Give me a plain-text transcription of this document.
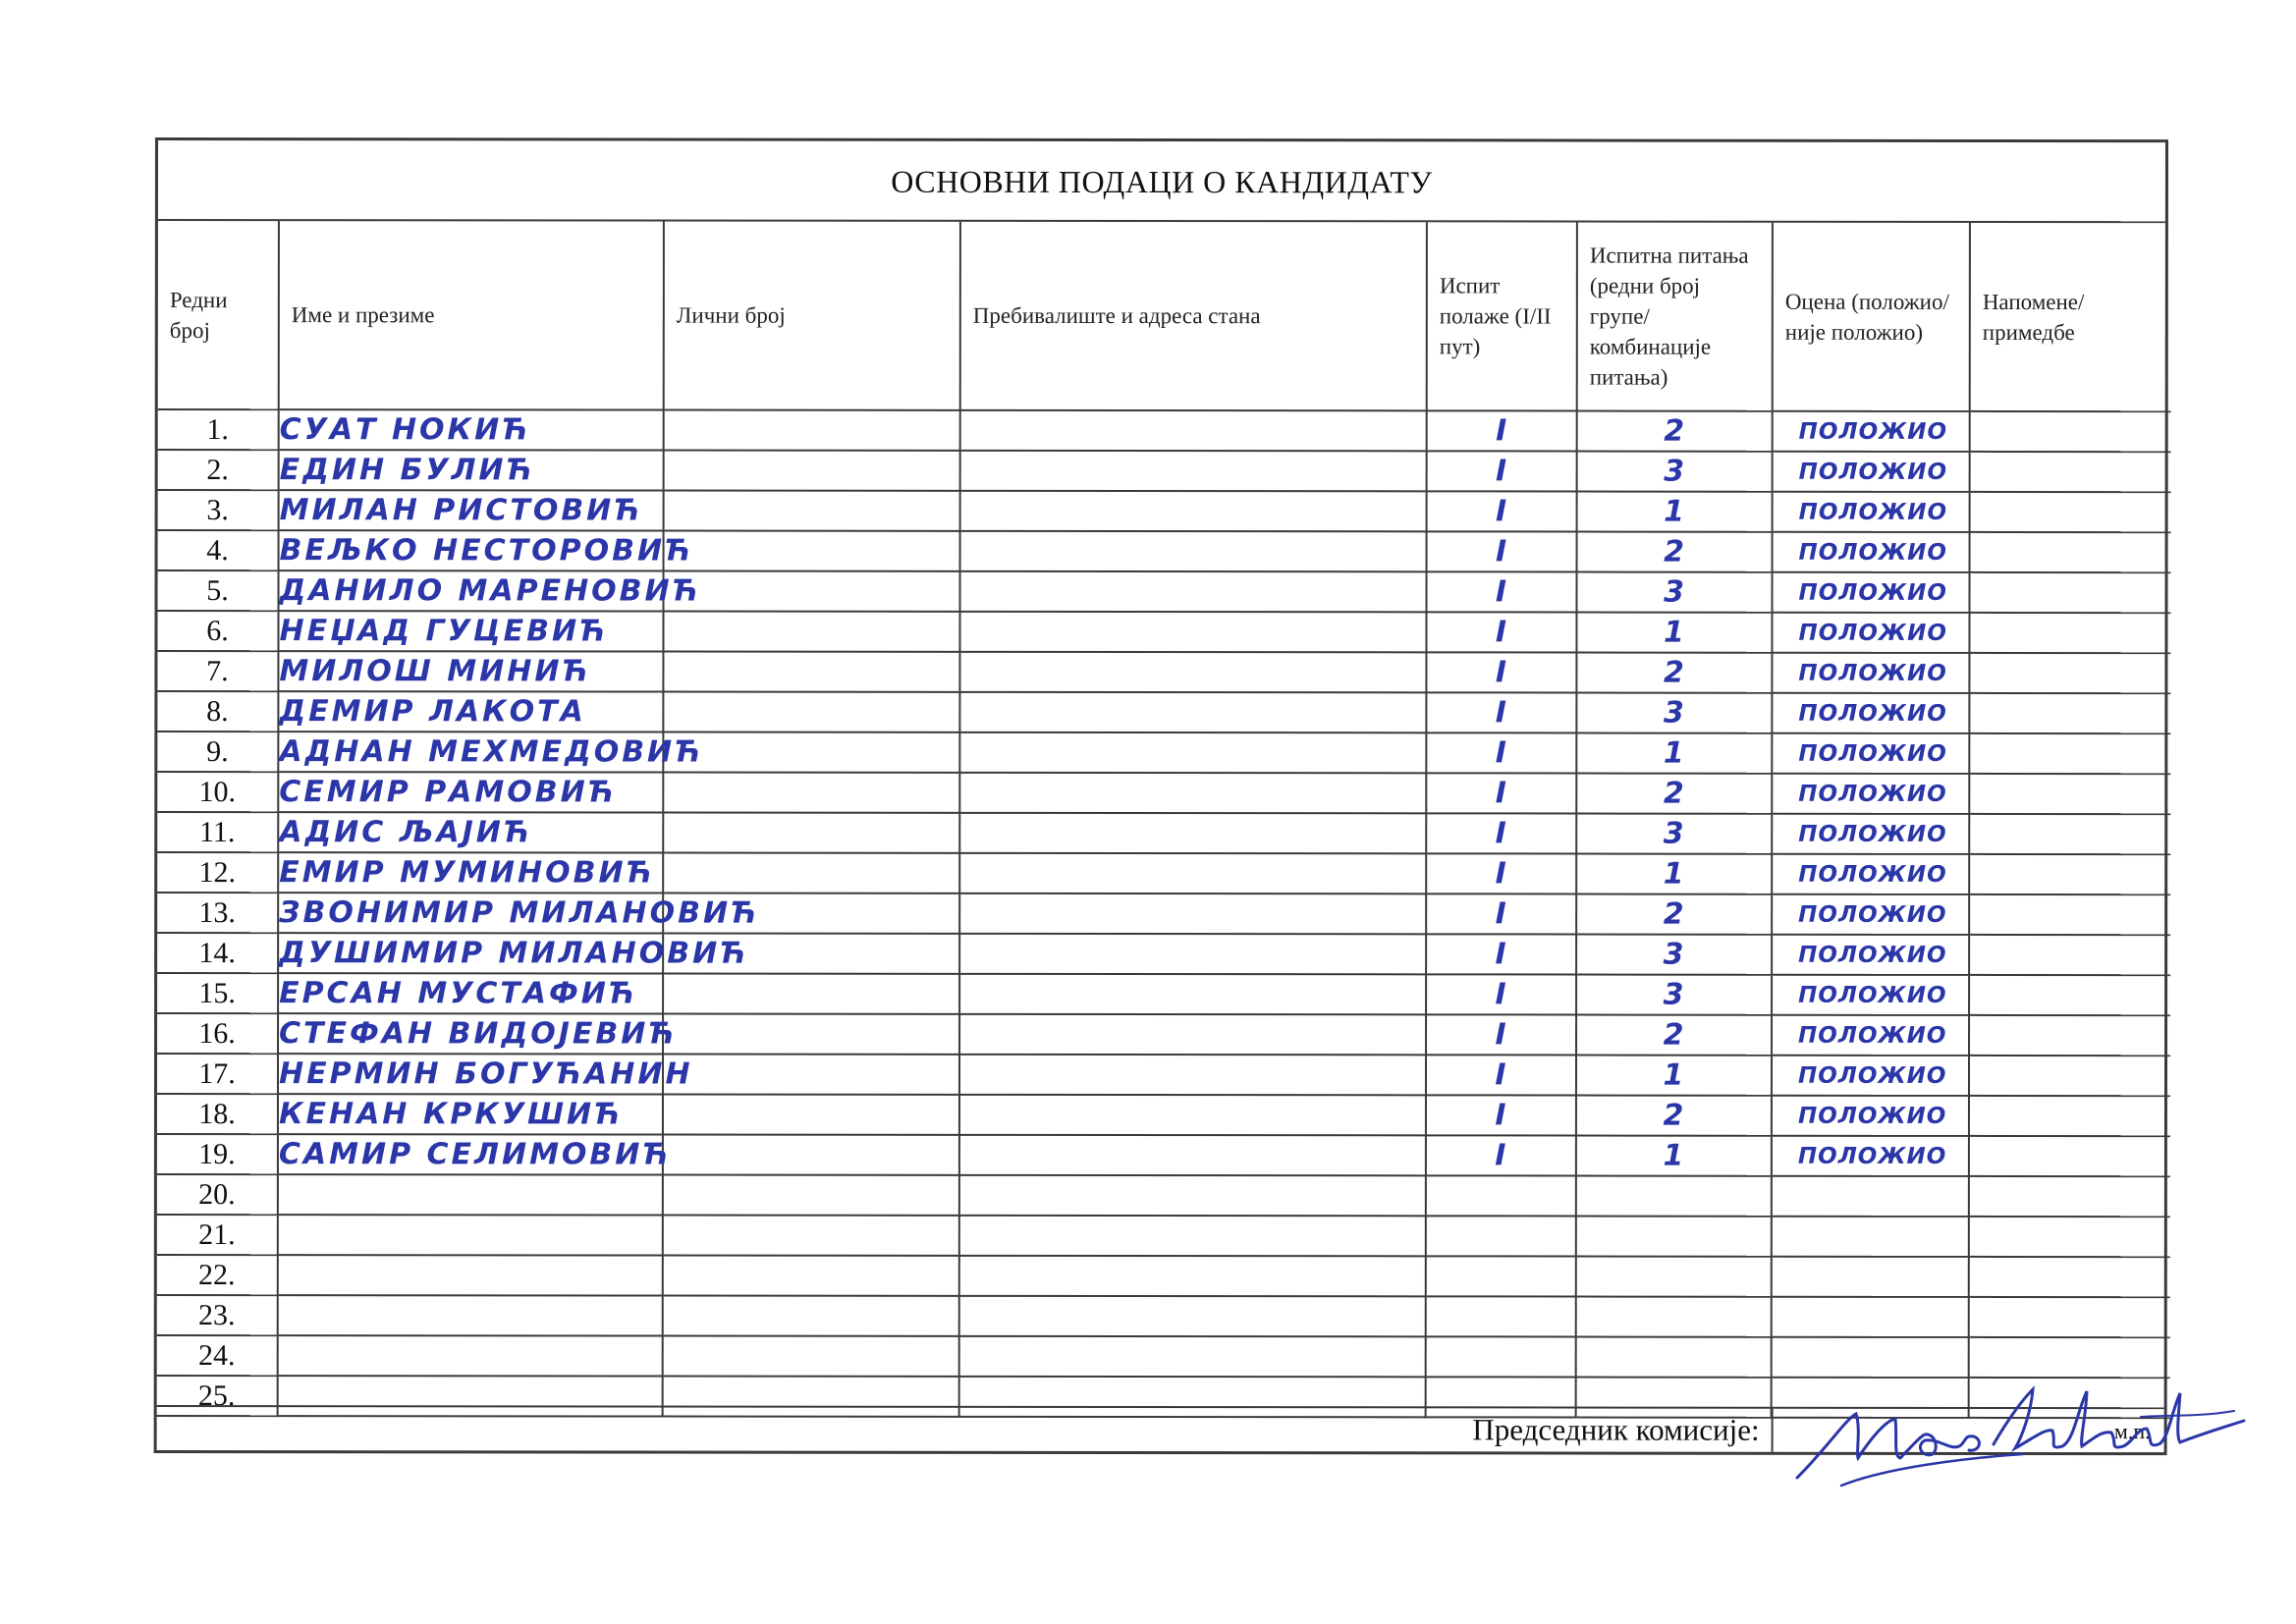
ОСНОВНИ ПОДАЦИ О КАНДИДАТУ
Редни број	Име и презиме	Лични број	Пребивалиште и адреса стана	Испит полаже (I/II пут)	Испитна питања (редни број групе/ комбинације питања)	Оцена (положио/ није положио)	Напомене/ примедбе
1.	СУАТ НОКИЋ			I	2	ПОЛОЖИО	
2.	ЕДИН БУЛИЋ			I	3	ПОЛОЖИО	
3.	МИЛАН РИСТОВИЋ			I	1	ПОЛОЖИО	
4.	ВЕЉКО НЕСТОРОВИЋ			I	2	ПОЛОЖИО	
5.	ДАНИЛО МАРЕНОВИЋ			I	3	ПОЛОЖИО	
6.	НЕЏАД ГУЦЕВИЋ			I	1	ПОЛОЖИО	
7.	МИЛОШ МИНИЋ			I	2	ПОЛОЖИО	
8.	ДЕМИР ЛАКОТА			I	3	ПОЛОЖИО	
9.	АДНАН МЕХМЕДОВИЋ			I	1	ПОЛОЖИО	
10.	СЕМИР РАМОВИЋ			I	2	ПОЛОЖИО	
11.	АДИС ЉАЈИЋ			I	3	ПОЛОЖИО	
12.	ЕМИР МУМИНОВИЋ			I	1	ПОЛОЖИО	
13.	ЗВОНИМИР МИЛАНОВИЋ			I	2	ПОЛОЖИО	
14.	ДУШИМИР МИЛАНОВИЋ			I	3	ПОЛОЖИО	
15.	ЕРСАН МУСТАФИЋ			I	3	ПОЛОЖИО	
16.	СТЕФАН ВИДОЈЕВИЋ			I	2	ПОЛОЖИО	
17.	НЕРМИН БОГУЋАНИН			I	1	ПОЛОЖИО	
18.	КЕНАН КРКУШИЋ			I	2	ПОЛОЖИО	
19.	САМИР СЕЛИМОВИЋ			I	1	ПОЛОЖИО	
20.							
21.							
22.							
23.							
24.							
25.							
Председник комисије:	м.п.
